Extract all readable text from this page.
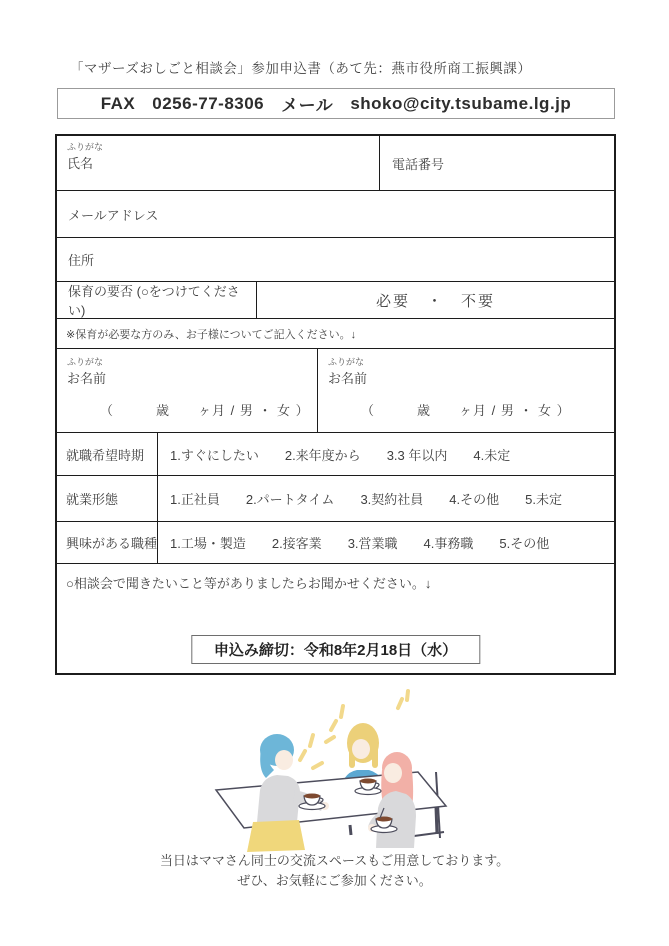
「マザーズおしごと相談会」参加申込書（あて先：燕市役所商工振興課）
FAX 0256-77-8306 メール shoko@city.tsubame.lg.jp
ふりがな
氏名	電話番号
メールアドレス
住所
保育の要否 (○をつけてください)
必要　・　不要
※保育が必要な方のみ、お子様についてご記入ください。↓
ふりがな
お名前
（　　　歳　　ヶ月 / 男 ・ 女 ）
ふりがな
お名前
（　　　歳　　ヶ月 / 男 ・ 女 ）
就職希望時期	1.すぐにしたい 2.来年度から 3.3 年以内 4.未定
就業形態	1.正社員 2.パートタイム 3.契約社員 4.その他 5.未定
興味がある職種 1.工場・製造 2.接客業 3.営業職 4.事務職 5.その他
○相談会で聞きたいこと等がありましたらお聞かせください。↓
申込み締切：令和8年2月18日（水）
当日はママさん同士の交流スペースもご用意しております。
ぜひ、お気軽にご参加ください。
